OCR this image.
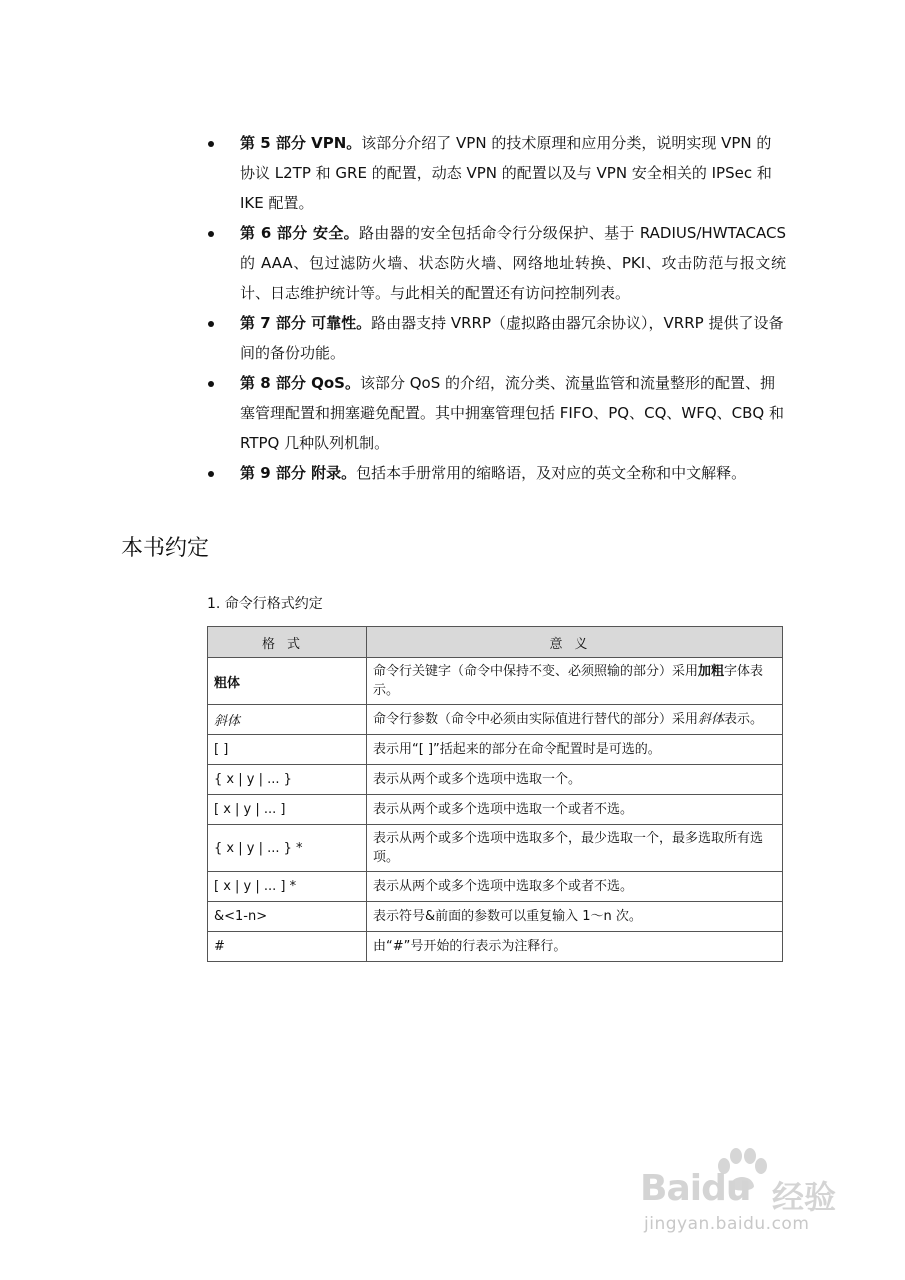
第 5 部分 VPN。该部分介绍了 VPN 的技术原理和应用分类，说明实现 VPN 的协议 L2TP 和 GRE 的配置，动态 VPN 的配置以及与 VPN 安全相关的 IPSec 和 IKE 配置。
第 6 部分 安全。路由器的安全包括命令行分级保护、基于 RADIUS/HWTACACS 的 AAA、包过滤防火墙、状态防火墙、网络地址转换、PKI、攻击防范与报文统计、日志维护统计等。与此相关的配置还有访问控制列表。
第 7 部分 可靠性。路由器支持 VRRP（虚拟路由器冗余协议），VRRP 提供了设备间的备份功能。
第 8 部分 QoS。该部分 QoS 的介绍，流分类、流量监管和流量整形的配置、拥塞管理配置和拥塞避免配置。其中拥塞管理包括 FIFO、PQ、CQ、WFQ、CBQ 和 RTPQ 几种队列机制。
第 9 部分 附录。包括本手册常用的缩略语，及对应的英文全称和中文解释。
本书约定
1. 命令行格式约定
格式	意义
粗体	命令行关键字（命令中保持不变、必须照输的部分）采用加粗字体表示。
斜体	命令行参数（命令中必须由实际值进行替代的部分）采用斜体表示。
[ ]	表示用“[ ]”括起来的部分在命令配置时是可选的。
{ x | y | ... }	表示从两个或多个选项中选取一个。
[ x | y | ... ]	表示从两个或多个选项中选取一个或者不选。
{ x | y | ... } *	表示从两个或多个选项中选取多个，最少选取一个，最多选取所有选项。
[ x | y | ... ] *	表示从两个或多个选项中选取多个或者不选。
&<1-n>	表示符号&前面的参数可以重复输入 1～n 次。
#	由“#”号开始的行表示为注释行。
Baidu 经验
jingyan.baidu.com
